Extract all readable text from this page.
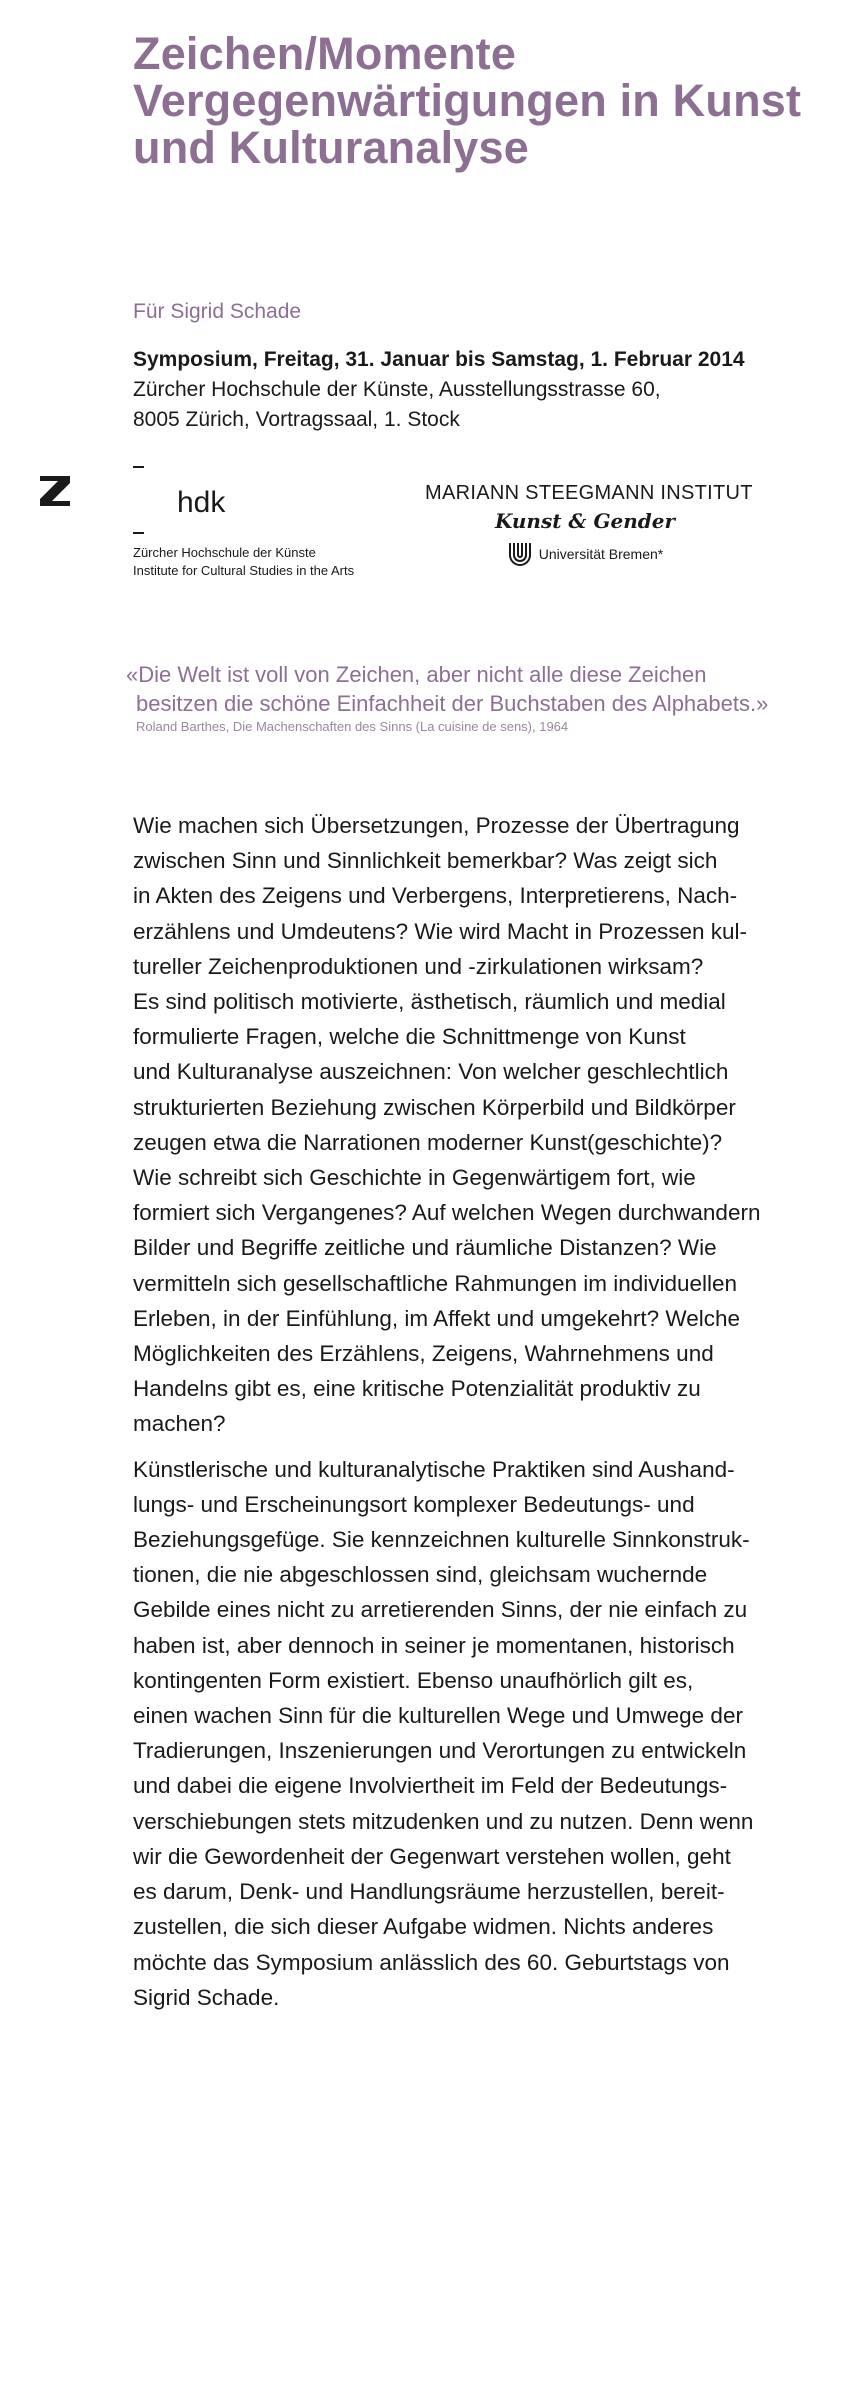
Zeichen/Momente
Vergegenwärtigungen in Kunst
und Kulturanalyse
Für Sigrid Schade
Symposium, Freitag, 31. Januar bis Samstag, 1. Februar 2014
Zürcher Hochschule der Künste, Ausstellungsstrasse 60,
8005 Zürich, Vortragssaal, 1. Stock
hdk
Zürcher Hochschule der Künste
Institute for Cultural Studies in the Arts
MARIANN STEEGMANN INSTITUT
Kunst & Gender
Universität Bremen*
«Die Welt ist voll von Zeichen, aber nicht alle diese Zeichen
besitzen die schöne Einfachheit der Buchstaben des Alphabets.»
Roland Barthes, Die Machenschaften des Sinns (La cuisine de sens), 1964

Wie machen sich Übersetzungen, Prozesse der Übertragung
zwischen Sinn und Sinnlichkeit bemerkbar? Was zeigt sich
in Akten des Zeigens und Verbergens, Interpretierens, Nach-
erzählens und Umdeutens? Wie wird Macht in Prozessen kul-
tureller Zeichenproduktionen und -zirkulationen wirksam?
Es sind politisch motivierte, ästhetisch, räumlich und medial
formulierte Fragen, welche die Schnittmenge von Kunst
und Kulturanalyse auszeichnen: Von welcher geschlechtlich
strukturierten Beziehung zwischen Körperbild und Bildkörper
zeugen etwa die Narrationen moderner Kunst(geschichte)?
Wie schreibt sich Geschichte in Gegenwärtigem fort, wie
formiert sich Vergangenes? Auf welchen Wegen durchwandern
Bilder und Begriffe zeitliche und räumliche Distanzen? Wie
vermitteln sich gesellschaftliche Rahmungen im individuellen
Erleben, in der Einfühlung, im Affekt und umgekehrt? Welche
Möglichkeiten des Erzählens, Zeigens, Wahrnehmens und
Handelns gibt es, eine kritische Potenzialität produktiv zu
machen?

Künstlerische und kulturanalytische Praktiken sind Aushand-
lungs- und Erscheinungsort komplexer Bedeutungs- und
Beziehungsgefüge. Sie kennzeichnen kulturelle Sinnkonstruk-
tionen, die nie abgeschlossen sind, gleichsam wuchernde
Gebilde eines nicht zu arretierenden Sinns, der nie einfach zu
haben ist, aber dennoch in seiner je momentanen, historisch
kontingenten Form existiert. Ebenso unaufhörlich gilt es,
einen wachen Sinn für die kulturellen Wege und Umwege der
Tradierungen, Inszenierungen und Verortungen zu entwickeln
und dabei die eigene Involviertheit im Feld der Bedeutungs-
verschiebungen stets mitzudenken und zu nutzen. Denn wenn
wir die Gewordenheit der Gegenwart verstehen wollen, geht
es darum, Denk- und Handlungsräume herzustellen, bereit-
zustellen, die sich dieser Aufgabe widmen. Nichts anderes
möchte das Symposium anlässlich des 60. Geburtstags von
Sigrid Schade.
